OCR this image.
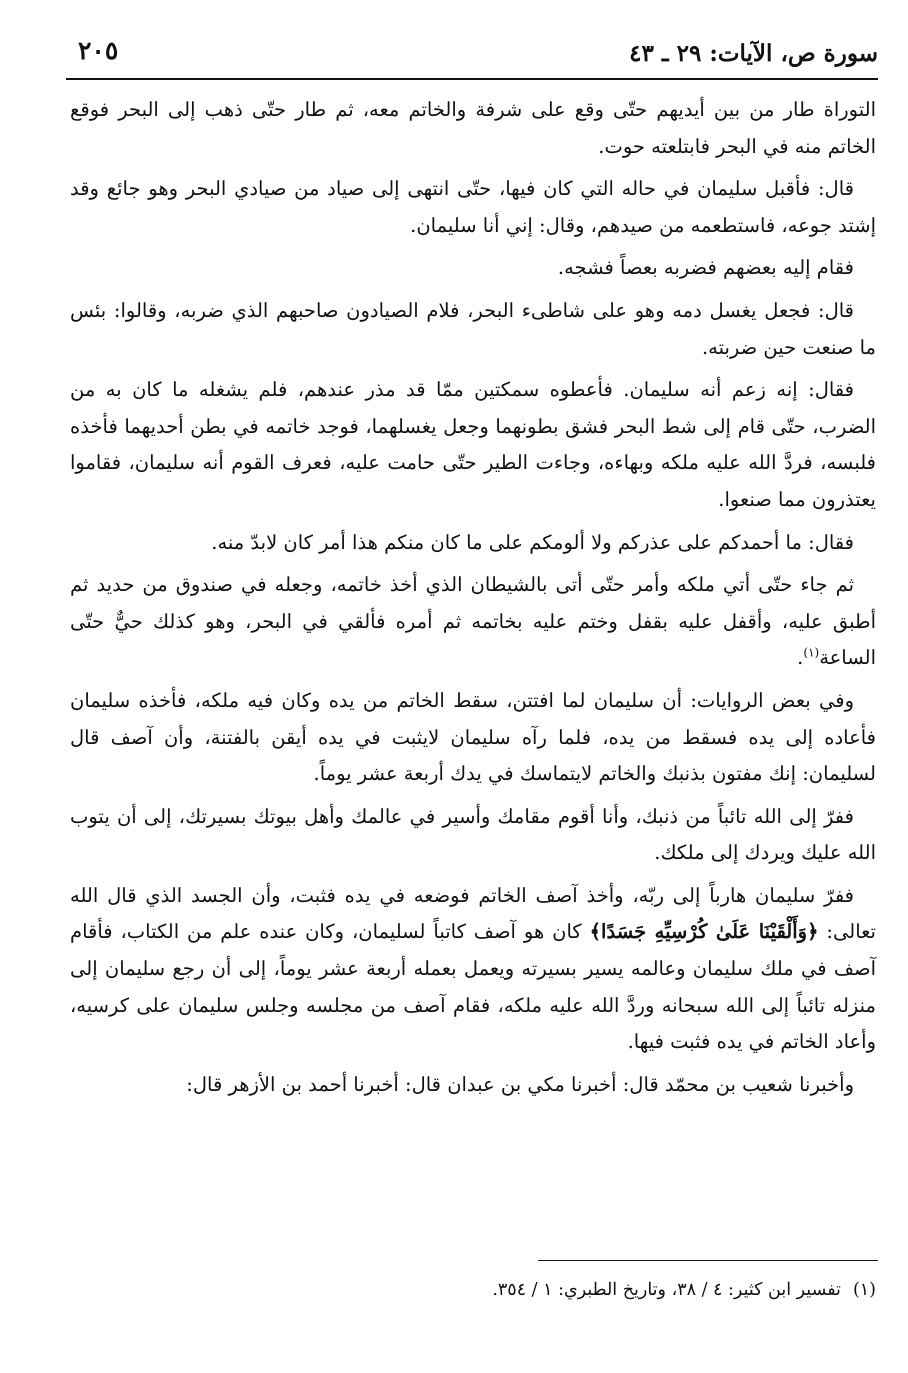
سورة ص، الآيات: ٢٩ ـ ٤٣
٢٠٥

التوراة طار من بين أيديهم حتّى وقع على شرفة والخاتم معه، ثم طار حتّى ذهب إلى البحر فوقع الخاتم منه في البحر فابتلعته حوت.

قال: فأقبل سليمان في حاله التي كان فيها، حتّى انتهى إلى صياد من صيادي البحر وهو جائع وقد إشتد جوعه، فاستطعمه من صيدهم، وقال: إني أنا سليمان.

فقام إليه بعضهم فضربه بعصاً فشجه.

قال: فجعل يغسل دمه وهو على شاطىء البحر، فلام الصيادون صاحبهم الذي ضربه، وقالوا: بئس ما صنعت حين ضربته.

فقال: إنه زعم أنه سليمان. فأعطوه سمكتين ممّا قد مذر عندهم، فلم يشغله ما كان به من الضرب، حتّى قام إلى شط البحر فشق بطونهما وجعل يغسلهما، فوجد خاتمه في بطن أحديهما فأخذه فلبسه، فردَّ الله عليه ملكه وبهاءه، وجاءت الطير حتّى حامت عليه، فعرف القوم أنه سليمان، فقاموا يعتذرون مما صنعوا.

فقال: ما أحمدكم على عذركم ولا ألومكم على ما كان منكم هذا أمر كان لابدّ منه.

ثم جاء حتّى أتي ملكه وأمر حتّى أتى بالشيطان الذي أخذ خاتمه، وجعله في صندوق من حديد ثم أطبق عليه، وأقفل عليه بقفل وختم عليه بخاتمه ثم أمره فألقي في البحر، وهو كذلك حيٌّ حتّى الساعة$^{(١)}$.

وفي بعض الروايات: أن سليمان لما افتتن، سقط الخاتم من يده وكان فيه ملكه، فأخذه سليمان فأعاده إلى يده فسقط من يده، فلما رآه سليمان لايثبت في يده أيقن بالفتنة، وأن آصف قال لسليمان: إنك مفتون بذنبك والخاتم لايتماسك في يدك أربعة عشر يوماً.

ففرّ إلى الله تائباً من ذنبك، وأنا أقوم مقامك وأسير في عالمك وأهل بيوتك بسيرتك، إلى أن يتوب الله عليك ويردك إلى ملكك.

ففرّ سليمان هارباً إلى ربّه، وأخذ آصف الخاتم فوضعه في يده فثبت، وأن الجسد الذي قال الله تعالى: ﴿وَأَلْقَيْنَا عَلَىٰ كُرْسِيِّهِ جَسَدًا﴾ كان هو آصف كاتباً لسليمان، وكان عنده علم من الكتاب، فأقام آصف في ملك سليمان وعالمه يسير بسيرته ويعمل بعمله أربعة عشر يوماً، إلى أن رجع سليمان إلى منزله تائباً إلى الله سبحانه وردَّ الله عليه ملكه، فقام آصف من مجلسه وجلس سليمان على كرسيه، وأعاد الخاتم في يده فثبت فيها.

وأخبرنا شعيب بن محمّد قال: أخبرنا مكي بن عبدان قال: أخبرنا أحمد بن الأزهر قال:

(١)تفسير ابن كثير: ٤ / ٣٨، وتاريخ الطبري: ١ / ٣٥٤.
